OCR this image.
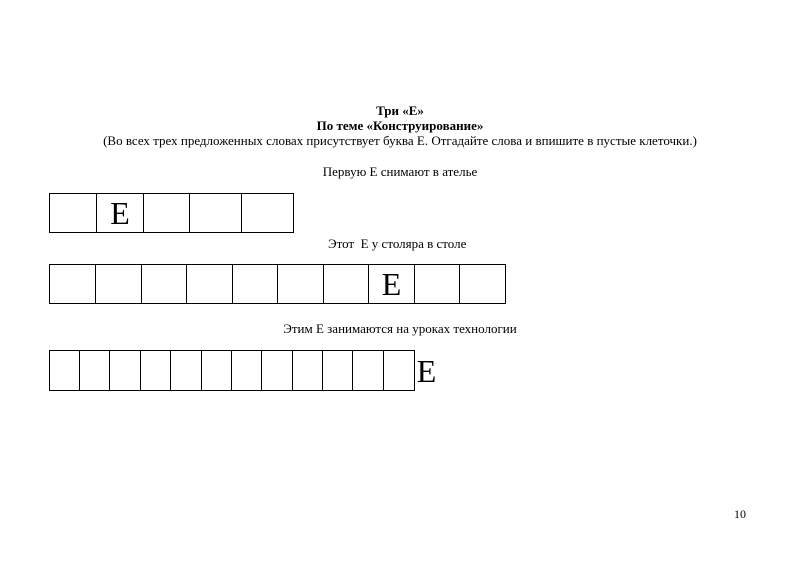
Три «Е»
По теме «Конструирование»
(Во всех трех предложенных словах присутствует буква Е. Отгадайте слова и впишите в пустые клеточки.)
Первую Е снимают в ателье
Е
Этот  Е у столяра в столе
Е
Этим Е занимаются на уроках технологии
Е
10
